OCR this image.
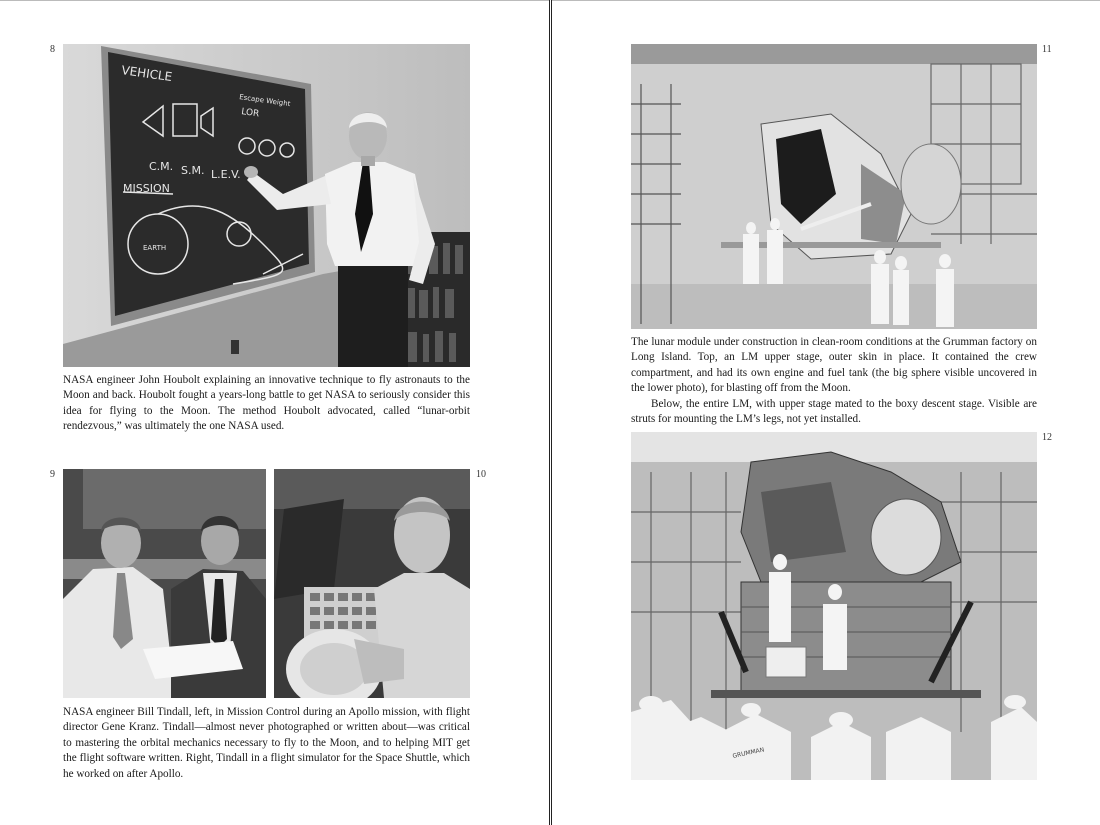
8
VEHICLE
Escape Weight
LOR
C.M. S.M. L.E.V.
MISSION
EARTH

NASA engineer John Houbolt explaining an innovative technique to fly astronauts to the Moon and back. Houbolt fought a years-long battle to get NASA to seriously consider this idea for flying to the Moon. The method Houbolt advocated, called “lunar-orbit rendezvous,” was ultimately the one NASA used.

9	10

NASA engineer Bill Tindall, left, in Mission Control during an Apollo mission, with flight director Gene Kranz. Tindall—almost never photographed or written about—was critical to mastering the orbital mechanics necessary to fly to the Moon, and to helping MIT get the flight software written. Right, Tindall in a flight simulator for the Space Shuttle, which he worked on after Apollo.

11

The lunar module under construction in clean-room conditions at the Grumman factory on Long Island. Top, an LM upper stage, outer skin in place. It contained the crew compartment, and had its own engine and fuel tank (the big sphere visible uncovered in the lower photo), for blasting off from the Moon.

Below, the entire LM, with upper stage mated to the boxy descent stage. Visible are struts for mounting the LM’s legs, not yet installed.

12
GRUMMAN
